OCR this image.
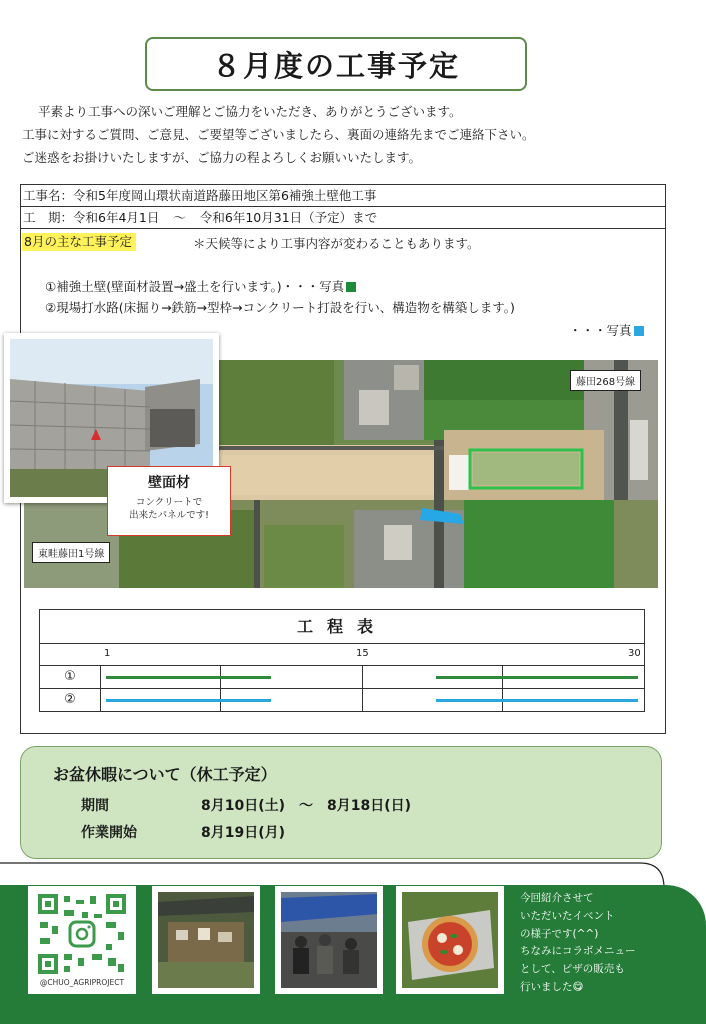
８月度の工事予定
平素より工事への深いご理解とご協力をいただき、ありがとうございます。
工事に対するご質問、ご意見、ご要望等ございましたら、裏面の連絡先までご連絡下さい。
ご迷惑をお掛けいたしますが、ご協力の程よろしくお願いいたします。
工事名：令和5年度岡山環状南道路藤田地区第6補強土壁他工事
工　期：令和6年4月1日 ～ 令和6年10月31日（予定）まで
8月の主な工事予定	＊天候等により工事内容が変わることもあります。
①補強土壁(壁面材設置→盛土を行います。)・・・写真
②現場打水路(床掘り→鉄筋→型枠→コンクリート打設を行い、構造物を構築します。)
・・・写真
藤田268号線
東畦藤田1号線
壁面材
コンクリートで
出来たパネルです!
工程表
1	15	30
①
②
お盆休暇について（休工予定）
期間	8月10日(土)　～　8月18日(日)
作業開始	8月19日(月)
@CHUO_AGRIPROJECT
今回紹介させて
いただいたイベント
の様子です(^^)
ちなみにコラボメニュー
として、ピザの販売も
行いました😋
